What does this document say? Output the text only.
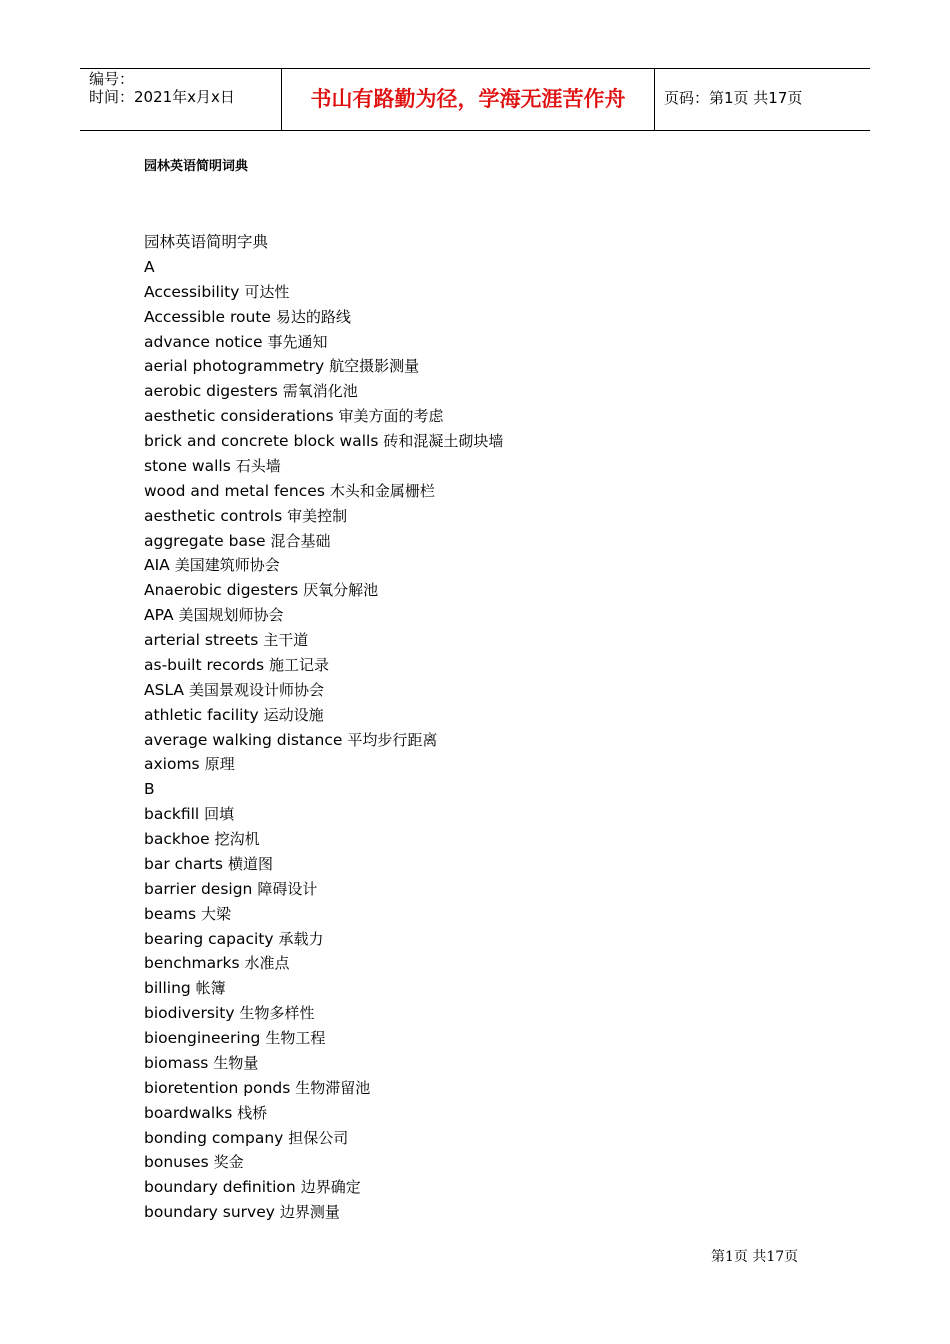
编号：
时间：2021年x月x日	书山有路勤为径，学海无涯苦作舟	页码：第1页 共17页
园林英语简明词典
园林英语简明字典
A
Accessibility 可达性
Accessible route 易达的路线
advance notice 事先通知
aerial photogrammetry 航空摄影测量
aerobic digesters 需氧消化池
aesthetic considerations 审美方面的考虑
brick and concrete block walls 砖和混凝土砌块墙
stone walls 石头墙
wood and metal fences 木头和金属栅栏
aesthetic controls 审美控制
aggregate base 混合基础
AIA 美国建筑师协会
Anaerobic digesters 厌氧分解池
APA 美国规划师协会
arterial streets 主干道
as-built records 施工记录
ASLA 美国景观设计师协会
athletic facility 运动设施
average walking distance 平均步行距离
axioms 原理
B
backfill 回填
backhoe 挖沟机
bar charts 横道图
barrier design 障碍设计
beams 大梁
bearing capacity 承载力
benchmarks 水准点
billing 帐簿
biodiversity 生物多样性
bioengineering 生物工程
biomass 生物量
bioretention ponds 生物滞留池
boardwalks 栈桥
bonding company 担保公司
bonuses 奖金
boundary definition 边界确定
boundary survey 边界测量
第1页 共17页
